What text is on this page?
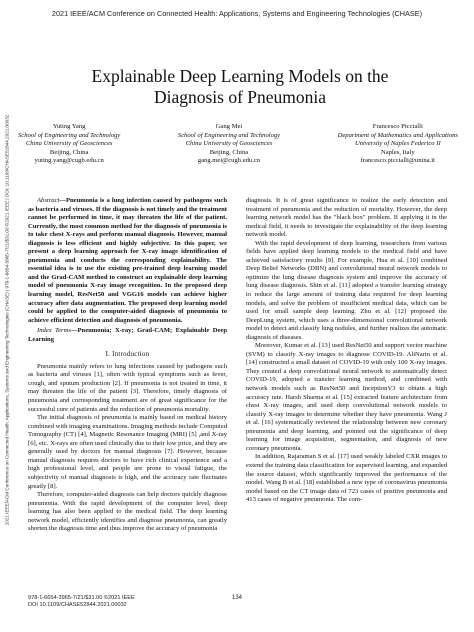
2021 IEEE/ACM Conference on Connected Health: Applications, Systems and Engineering Technologies (CHASE)
2021 IEEE/ACM Conference on Connected Health: Applications, Systems and Engineering Technologies (CHASE) | 978-1-6654-3965-7/21/$31.00 ©2021 IEEE | DOI: 10.1109/CHASE52844.2021.00032
Explainable Deep Learning Models on the
Diagnosis of Pneumonia
Yuting Yang
School of Engineering and Technology
China University of Geosciences
Beijing, China
yuting.yang@cugb.edu.cn
Gang Mei
School of Engineering and Technology
China University of Geosciences
Beijing, China
gang.mei@cugb.edu.cn
Francesco Piccialli
Department of Mathematics and Applications
University of Naples Federico II
Naples, Italy
francesco.piccialli@unina.it

Abstract—Pneumonia is a lung infection caused by pathogens such as bacteria and viruses. If the diagnosis is not timely and the treatment cannot be performed in time, it may threaten the life of the patient. Currently, the most common method for the diagnosis of pneumonia is to take chest X-rays and perform manual diagnosis. However, manual diagnosis is less efficient and highly subjective. In this paper, we present a deep learning approach for X-ray image identification of pneumonia and conducts the corresponding explainability. The essential idea is to use the existing pre-trained deep learning model and the Grad-CAM method to construct an explainable deep learning model of pneumonia X-ray image recognition. In the proposed deep learning model, ResNet50 and VGG16 models can achieve higher accuracy after data augmentation. The proposed deep learning model could be applied to the computer-aided diagnosis of pneumonia to achieve efficient detection and diagnosis of pneumonia.

Index Terms—Pneumonia; X-ray; Grad-CAM; Explainable Deep Learning

I. Introduction

Pneumonia mainly refers to lung infections caused by pathogens such as bacteria and viruses [1], often with typical symptoms such as fever, cough, and sputum production [2]. If pneumonia is not treated in time, it may threaten the life of the patient [3]. Therefore, timely diagnosis of pneumonia and corresponding treatment are of great significance for the successful cure of patients and the reduction of pneumonia mortality.

The initial diagnosis of pneumonia is mainly based on medical history combined with imaging examinations. Imaging methods include Computed Tomography (CT) [4], Magnetic Resonance Imaging (MRI) [5] ,and X-ray [6], etc. X-rays are often used clinically due to their low price, and they are generally used by doctors for manual diagnosis [7]. However, because manual diagnosis requires doctors to have rich clinical experience and a high professional level, and people are prone to visual fatigue, the subjectivity of manual diagnosis is high, and the accuracy rate fluctuates greatly [8].

Therefore, computer-aided diagnosis can help doctors quickly diagnose pneumonia. With the rapid development of the computer level, deep learning has also been applied to the medical field. The deep learning network model, efficiently identifies and diagnose pneumonia, can greatly shorten the diagnosis time and thus improve the accuracy of pneumonia

diagnosis. It is of great significance to realize the early detection and treatment of pneumonia and the reduction of mortality. However, the deep learning network model has the "black box" problem. If applying it in the medical field, it needs to investigate the explainability of the deep learning network model.

With the rapid development of deep learning, researchers from various fields have applied deep learning models to the medical field and have achieved satisfactory results [9]. For example, Hua et al. [10] combined Deep Belief Networks (DBN) and convolutional neural network models to optimize the lung disease diagnosis system and improve the accuracy of lung disease diagnosis. Shin et al. [11] adopted a transfer learning strategy to reduce the large amount of training data required for deep learning models, and solve the problem of insufficient medical data, which can be used for small sample deep learning. Zhu et al. [12] proposed the DeepLung system, which uses a three-dimensional convolutional network model to detect and classify lung nodules, and further realizes the automatic diagnosis of diseases.

Moreover, Kumar et al. [13] used ResNet50 and support vector machine (SVM) to classify X-ray images to diagnose COVID-19. AliNarin et al. [14] constructed a small dataset of COVID-19 with only 100 X-ray images. They created a deep convolutional neural network to automatically detect COVID-19, adopted a transfer learning method, and combined with network models such as ResNet50 and InceptionV3 to obtain a high accuracy rate. Harsh Sharma et al. [15] extracted feature architecture from chest X-ray images, and used deep convolutional network models to classify X-ray images to determine whether they have pneumonia. Wang J et al. [16] systematically reviewed the relationship between new coronary pneumonia and deep learning, and pointed out the significance of deep learning for image acquisition, segmentation, and diagnosis of new coronary pneumonia.

In addition, Rajaraman S et al. [17] used weakly labeled CXR images to extend the training data classification for supervised learning, and expanded the source dataset, which significantly improved the performance of the model. Wang B et al. [18] established a new type of coronavirus pneumonia model based on the CT image data of 723 cases of positive pneumonia and 413 cases of negative pneumonia. The com-

978-1-6654-3965-7/21/$31.00 ©2021 IEEE
DOI 10.1109/CHASE52844.2021.00032
134
